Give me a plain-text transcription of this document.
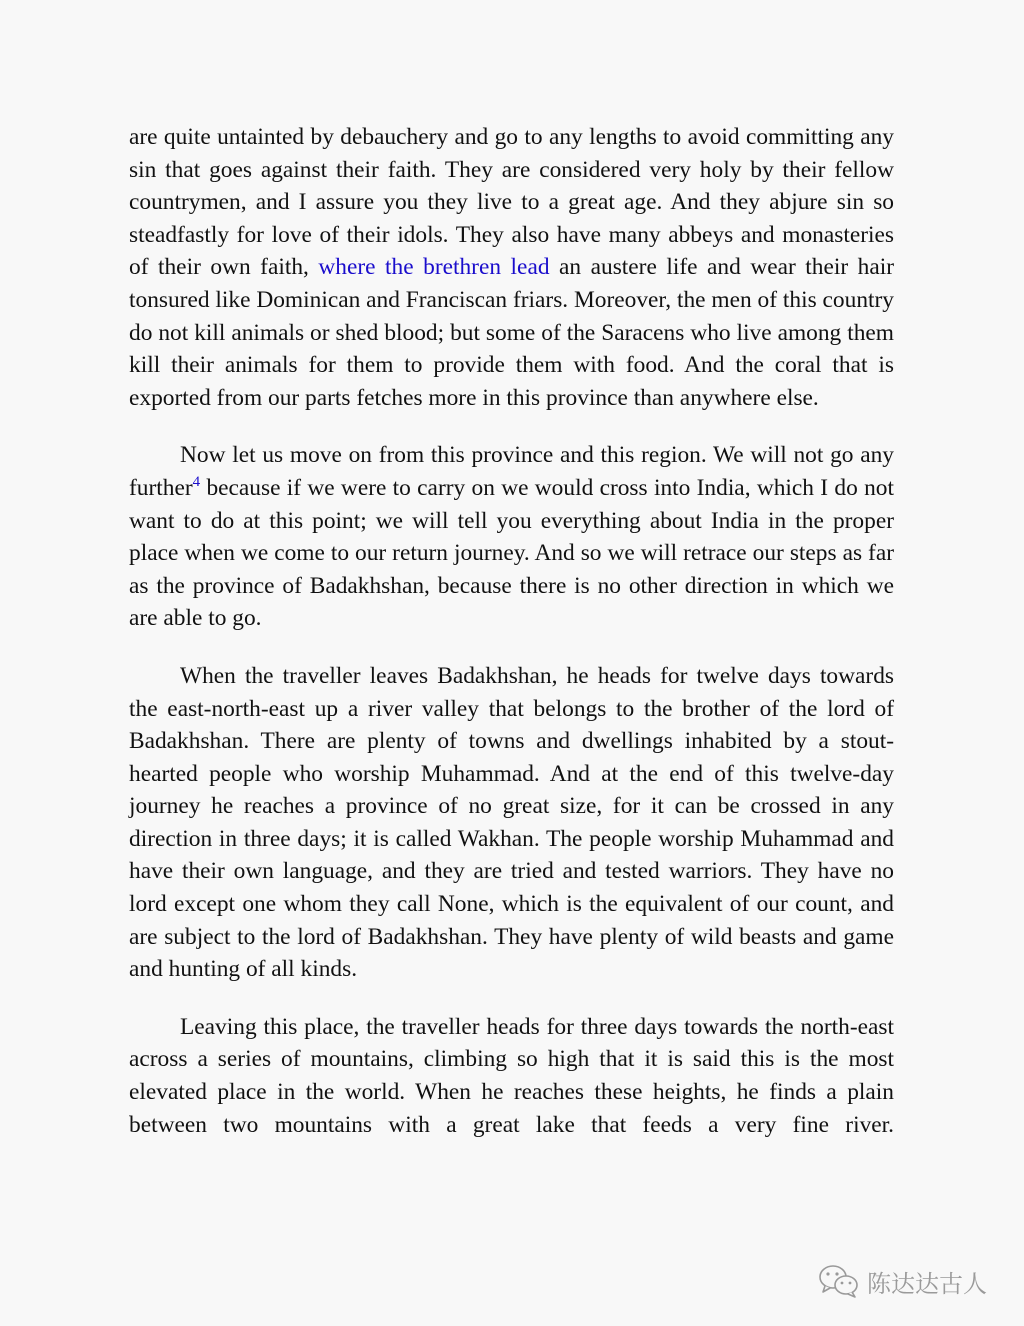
are quite untainted by debauchery and go to any lengths to avoid committing any sin that goes against their faith. They are considered very holy by their fellow countrymen, and I assure you they live to a great age. And they abjure sin so steadfastly for love of their idols. They also have many abbeys and monasteries of their own faith, where the brethren lead an austere life and wear their hair tonsured like Dominican and Franciscan friars. Moreover, the men of this country do not kill animals or shed blood; but some of the Saracens who live among them kill their animals for them to provide them with food. And the coral that is exported from our parts fetches more in this province than anywhere else.

Now let us move on from this province and this region. We will not go any further$^4$ because if we were to carry on we would cross into India, which I do not want to do at this point; we will tell you everything about India in the proper place when we come to our return journey. And so we will retrace our steps as far as the province of Badakhshan, because there is no other direction in which we are able to go.

When the traveller leaves Badakhshan, he heads for twelve days towards the east-north-east up a river valley that belongs to the brother of the lord of Badakhshan. There are plenty of towns and dwellings inhabited by a stout-hearted people who worship Muhammad. And at the end of this twelve-day journey he reaches a province of no great size, for it can be crossed in any direction in three days; it is called Wakhan. The people worship Muhammad and have their own language, and they are tried and tested warriors. They have no lord except one whom they call None, which is the equivalent of our count, and are subject to the lord of Badakhshan. They have plenty of wild beasts and game and hunting of all kinds.

Leaving this place, the traveller heads for three days towards the north-east across a series of mountains, climbing so high that it is said this is the most elevated place in the world. When he reaches these heights, he finds a plain between two mountains with a great lake that feeds a very fine river.

陈达达古人
